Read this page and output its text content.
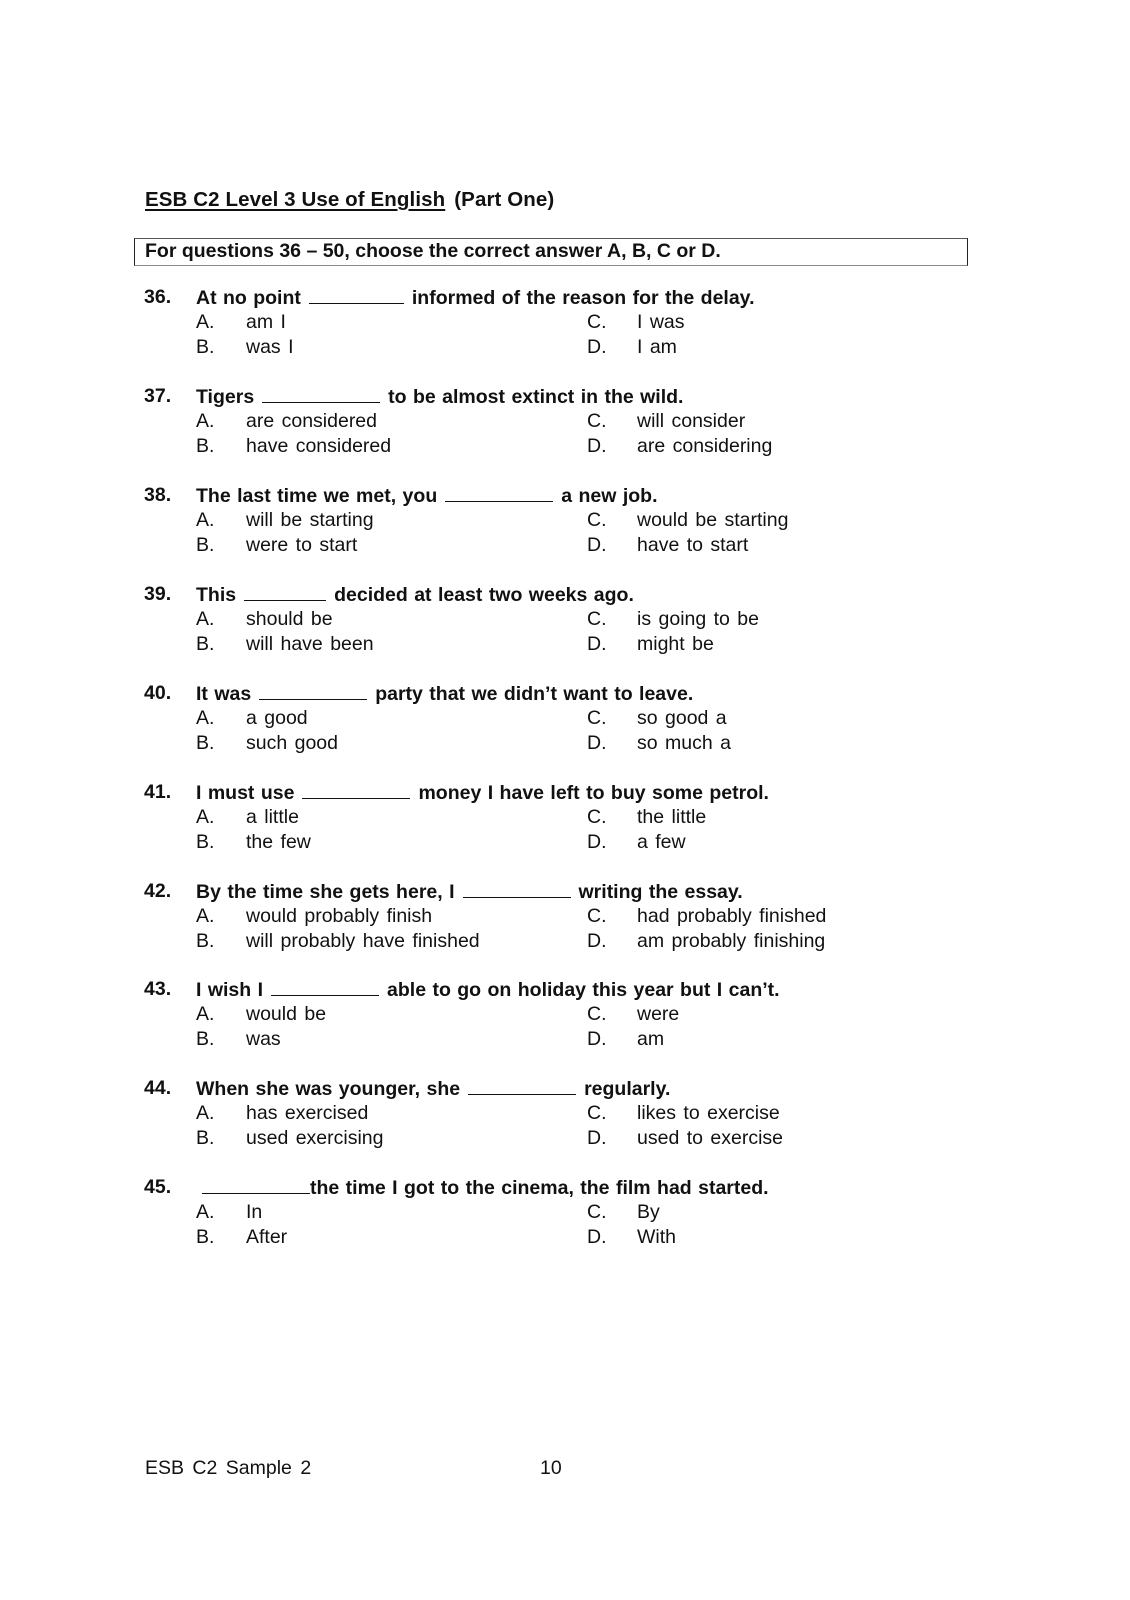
ESB C2 Level 3 Use of English (Part One)
For questions 36 – 50, choose the correct answer A, B, C or D.
36. At no point	informed of the reason for the delay.
A. am I
B. was I
C. I was
D. I am
37. Tigers	to be almost extinct in the wild.
A. are considered
B. have considered
C. will consider
D. are considering
38. The last time we met, you	a new job.
A. will be starting
B. were to start
C. would be starting
D. have to start
39. This	decided at least two weeks ago.
A. should be
B. will have been
C. is going to be
D. might be
40. It was	party that we didn’t want to leave.
A. a good
B. such good
C. so good a
D. so much a
41. I must use	money I have left to buy some petrol.
A. a little
B. the few
C. the little
D. a few
42. By the time she gets here, I	writing the essay.
A. would probably finish
B. will probably have finished
C. had probably finished
D. am probably finishing
43. I wish I	able to go on holiday this year but I can’t.
A. would be
B. was
C. were
D. am
44. When she was younger, she	regularly.
A. has exercised
B. used exercising
C. likes to exercise
D. used to exercise
45.	the time I got to the cinema, the film had started.
A. In
B. After
C. By
D. With
ESB C2 Sample 2	10
